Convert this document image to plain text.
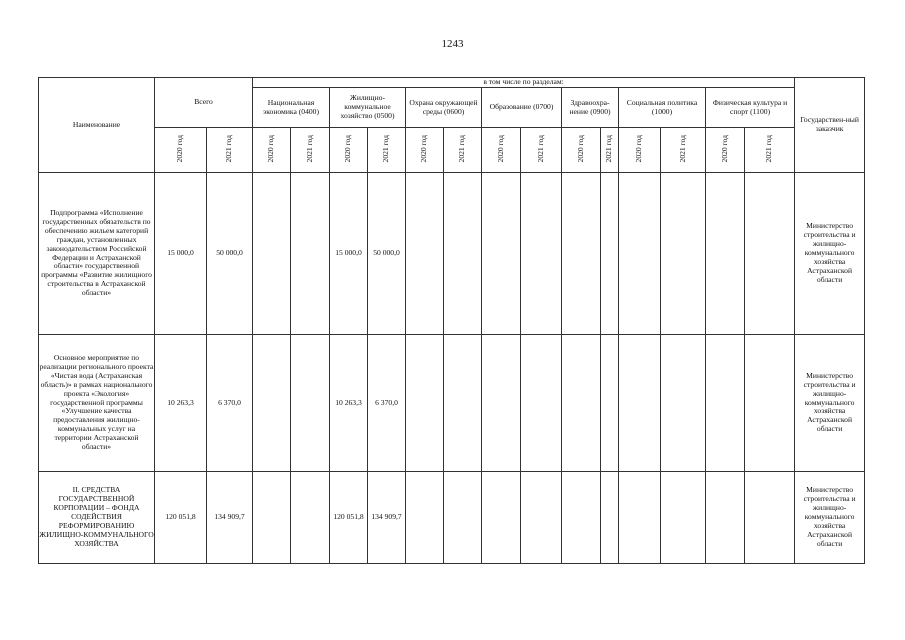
1243
Наименование	Всего		в том числе по разделам:														Государствен-ный заказчик
			Национальная экономика (0400)		Жилищно-коммунальное хозяйство (0500)		Охрана окружающей среды (0600)		Образование (0700)		Здравоохра-нение (0900)		Социальная политика (1000)		Физическая культура и спорт (1100)		
	2020 год	2021 год	2020 год	2021 год	2020 год	2021 год	2020 год	2021 год	2020 год	2021 год	2020 год	2021 год	2020 год	2021 год	2020 год	2021 год	
Подпрограмма «Исполнение государственных обязательств по обеспечению жильем категорий граждан, установленных законодательством Российской Федерации и Астраханской области» государственной программы «Развитие жилищного строительства в Астраханской области»	15 000,0	50 000,0			15 000,0	50 000,0											Министерство строительства и жилищно-коммунального хозяйства Астраханской области
Основное мероприятие по реализации регионального проекта «Чистая вода (Астраханская область)» в рамках национального проекта «Экология» государственной программы «Улучшение качества предоставления жилищно-коммунальных услуг на территории Астраханской области»	10 263,3	6 370,0			10 263,3	6 370,0											Министерство строительства и жилищно-коммунального хозяйства Астраханской области
II. СРЕДСТВА ГОСУДАРСТВЕННОЙ КОРПОРАЦИИ – ФОНДА СОДЕЙСТВИЯ РЕФОРМИРОВАНИЮ ЖИЛИЩНО-КОММУНАЛЬНОГО ХОЗЯЙСТВА	120 051,8	134 909,7			120 051,8	134 909,7											Министерство строительства и жилищно-коммунального хозяйства Астраханской области
